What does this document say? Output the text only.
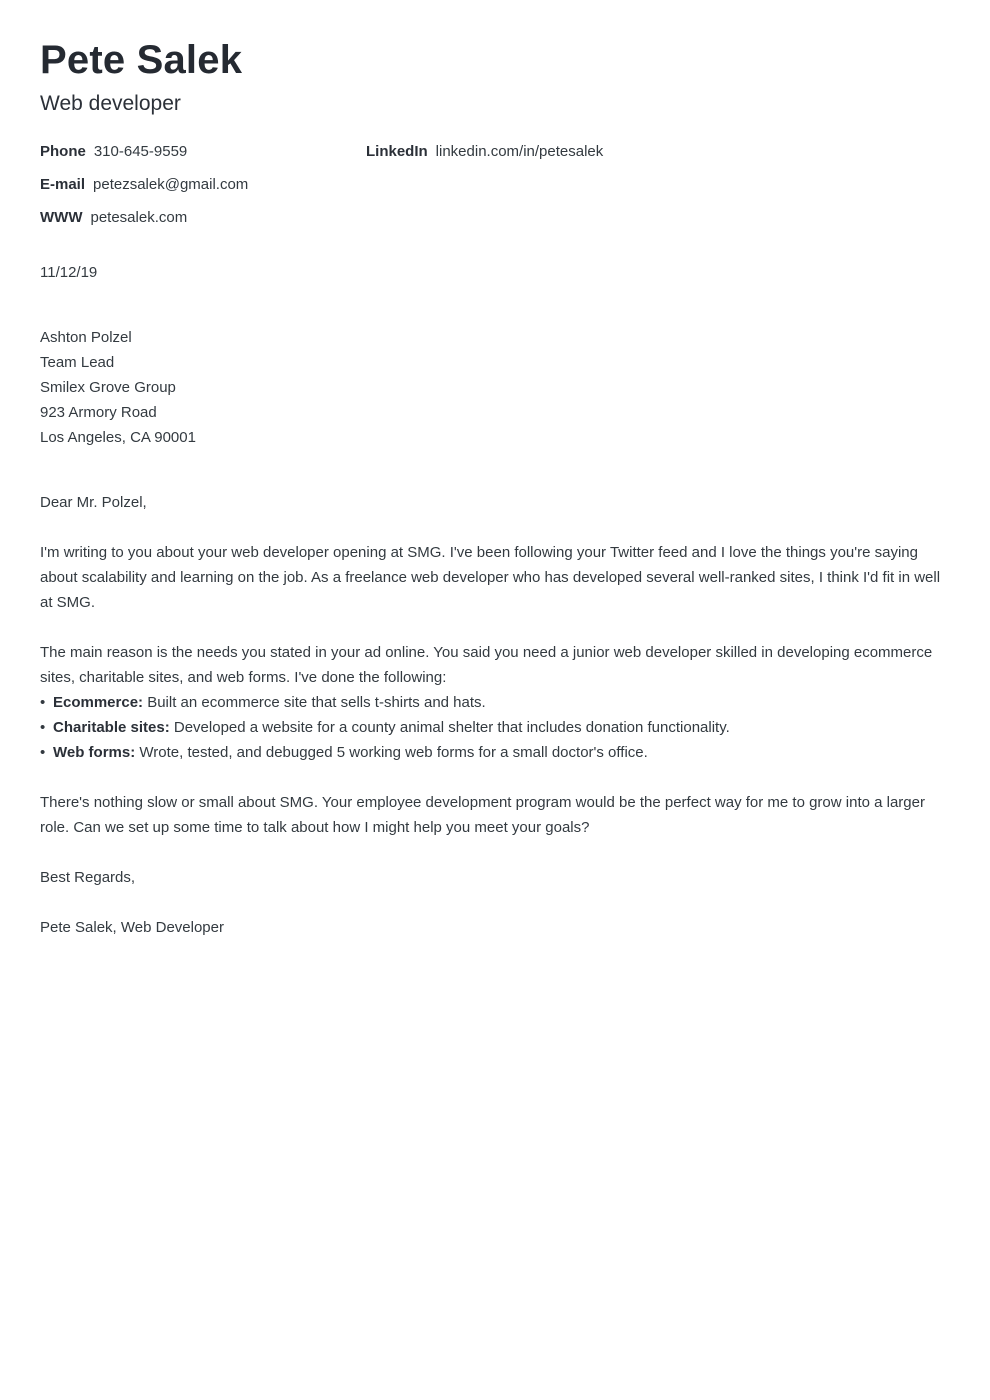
Pete Salek
Web developer
Phone 310-645-9559
E-mail petezsalek@gmail.com
WWW petesalek.com
LinkedIn linkedin.com/in/petesalek
11/12/19
Ashton Polzel
Team Lead
Smilex Grove Group
923 Armory Road
Los Angeles, CA 90001

Dear Mr. Polzel,

I'm writing to you about your web developer opening at SMG. I've been following your Twitter feed and I love the things you're saying about scalability and learning on the job. As a freelance web developer who has developed several well-ranked sites, I think I'd fit in well at SMG.

The main reason is the needs you stated in your ad online. You said you need a junior web developer skilled in developing ecommerce sites, charitable sites, and web forms. I've done the following:

• Ecommerce: Built an ecommerce site that sells t-shirts and hats.
• Charitable sites: Developed a website for a county animal shelter that includes donation functionality.
• Web forms: Wrote, tested, and debugged 5 working web forms for a small doctor's office.

There's nothing slow or small about SMG. Your employee development program would be the perfect way for me to grow into a larger role. Can we set up some time to talk about how I might help you meet your goals?

Best Regards,

Pete Salek, Web Developer
